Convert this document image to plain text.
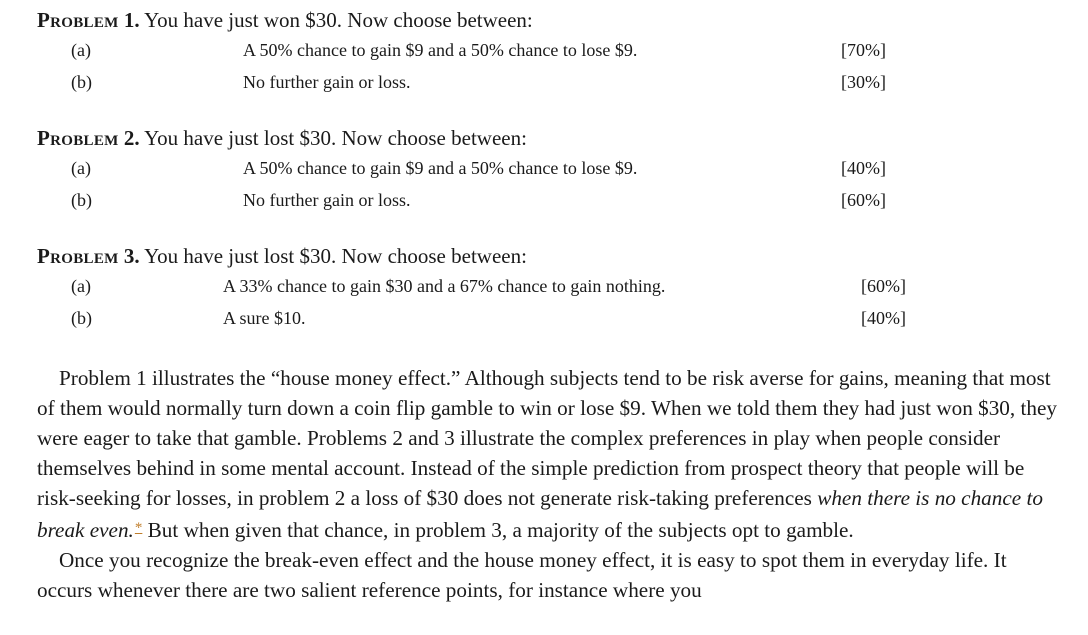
Problem 1. You have just won $30. Now choose between:
(a)	A 50% chance to gain $9 and a 50% chance to lose $9.	[70%]
(b)	No further gain or loss.	[30%]
Problem 2. You have just lost $30. Now choose between:
(a)	A 50% chance to gain $9 and a 50% chance to lose $9.	[40%]
(b)	No further gain or loss.	[60%]
Problem 3. You have just lost $30. Now choose between:
(a)	A 33% chance to gain $30 and a 67% chance to gain nothing.	[60%]
(b)	A sure $10.	[40%]

Problem 1 illustrates the “house money effect.” Although subjects tend to be risk averse for gains, meaning that most of them would normally turn down a coin flip gamble to win or lose $9. When we told them they had just won $30, they were eager to take that gamble. Problems 2 and 3 illustrate the complex preferences in play when people consider themselves behind in some mental account. Instead of the simple prediction from prospect theory that people will be risk-seeking for losses, in problem 2 a loss of $30 does not generate risk-taking preferences when there is no chance to break even.* But when given that chance, in problem 3, a majority of the subjects opt to gamble.

Once you recognize the break-even effect and the house money effect, it is easy to spot them in everyday life. It occurs whenever there are two salient reference points, for instance where you
